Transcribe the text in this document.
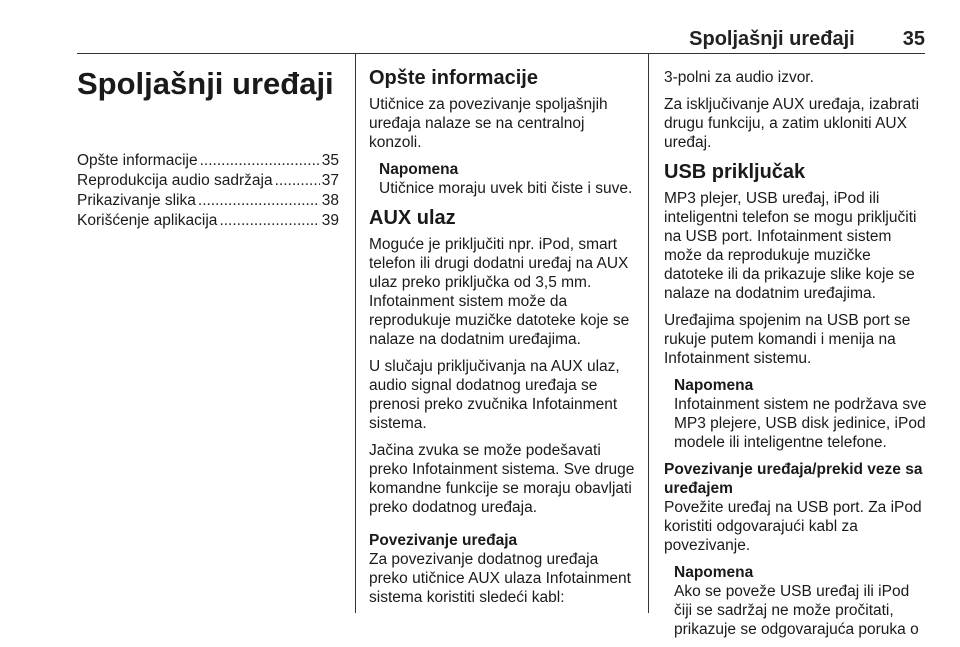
Spoljašnji uređaji 35
Spoljašnji uređaji
Opšte informacije .....	35
Reprodukcija audio sadržaja .....	37
Prikazivanje slika .....	38
Korišćenje aplikacija .....	39
Opšte informacije

Utičnice za povezivanje spoljašnjih uređaja nalaze se na centralnoj konzoli.

Napomena
Utičnice moraju uvek biti čiste i suve.
AUX ulaz

Moguće je priključiti npr. iPod, smart telefon ili drugi dodatni uređaj na AUX ulaz preko priključka od 3,5 mm. Infotainment sistem može da reprodukuje muzičke datoteke koje se nalaze na dodatnim uređajima.

U slučaju priključivanja na AUX ulaz, audio signal dodatnog uređaja se prenosi preko zvučnika Infotainment sistema.

Jačina zvuka se može podešavati preko Infotainment sistema. Sve druge komandne funkcije se moraju obavljati preko dodatnog uređaja.

Povezivanje uređaja

Za povezivanje dodatnog uređaja preko utičnice AUX ulaza Infotainment sistema koristiti sledeći kabl:

3-polni za audio izvor.

Za isključivanje AUX uređaja, izabrati drugu funkciju, a zatim ukloniti AUX uređaj.

USB priključak

MP3 plejer, USB uređaj, iPod ili inteligentni telefon se mogu priključiti na USB port. Infotainment sistem može da reprodukuje muzičke datoteke ili da prikazuje slike koje se nalaze na dodatnim uređajima.

Uređajima spojenim na USB port se rukuje putem komandi i menija na Infotainment sistemu.

Napomena
Infotainment sistem ne podržava sve MP3 plejere, USB disk jedinice, iPod modele ili inteligentne telefone.
Povezivanje uređaja/prekid veze sa uređajem

Povežite uređaj na USB port. Za iPod koristiti odgovarajući kabl za povezivanje.

Napomena
Ako se poveže USB uređaj ili iPod čiji se sadržaj ne može pročitati, prikazuje se odgovarajuća poruka o
